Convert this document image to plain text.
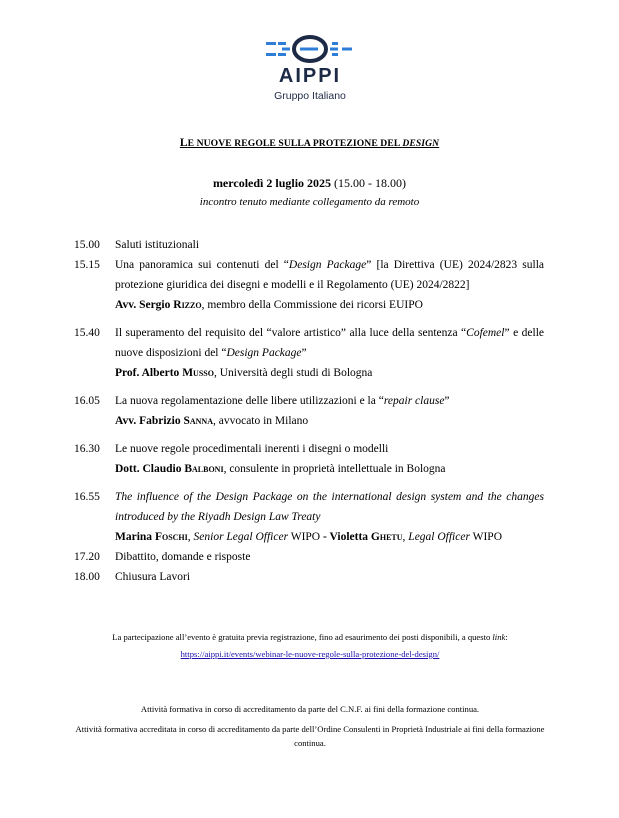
AIPPI
Gruppo Italiano
LE NUOVE REGOLE SULLA PROTEZIONE DEL DESIGN
mercoledì 2 luglio 2025 (15.00 - 18.00)
incontro tenuto mediante collegamento da remoto
15.00	Saluti istituzionali
15.15	Una panoramica sui contenuti del “Design Package” [la Direttiva (UE) 2024/2823 sulla protezione giuridica dei disegni e modelli e il Regolamento (UE) 2024/2822]
Avv. Sergio Rizzo, membro della Commissione dei ricorsi EUIPO
15.40	Il superamento del requisito del “valore artistico” alla luce della sentenza “Cofemel” e delle nuove disposizioni del “Design Package”
Prof. Alberto Musso, Università degli studi di Bologna
16.05	La nuova regolamentazione delle libere utilizzazioni e la “repair clause”
Avv. Fabrizio Sanna, avvocato in Milano
16.30	Le nuove regole procedimentali inerenti i disegni o modelli
Dott. Claudio Balboni, consulente in proprietà intellettuale in Bologna
16.55	The influence of the Design Package on the international design system and the changes introduced by the Riyadh Design Law Treaty
Marina Foschi, Senior Legal Officer WIPO - Violetta Ghetu, Legal Officer WIPO
17.20	Dibattito, domande e risposte
18.00	Chiusura Lavori
La partecipazione all’evento è gratuita previa registrazione, fino ad esaurimento dei posti disponibili, a questo link:
https://aippi.it/events/webinar-le-nuove-regole-sulla-protezione-del-design/
Attività formativa in corso di accreditamento da parte del C.N.F. ai fini della formazione continua.
Attività formativa accreditata in corso di accreditamento da parte dell’Ordine Consulenti in Proprietà Industriale ai fini della formazione continua.
